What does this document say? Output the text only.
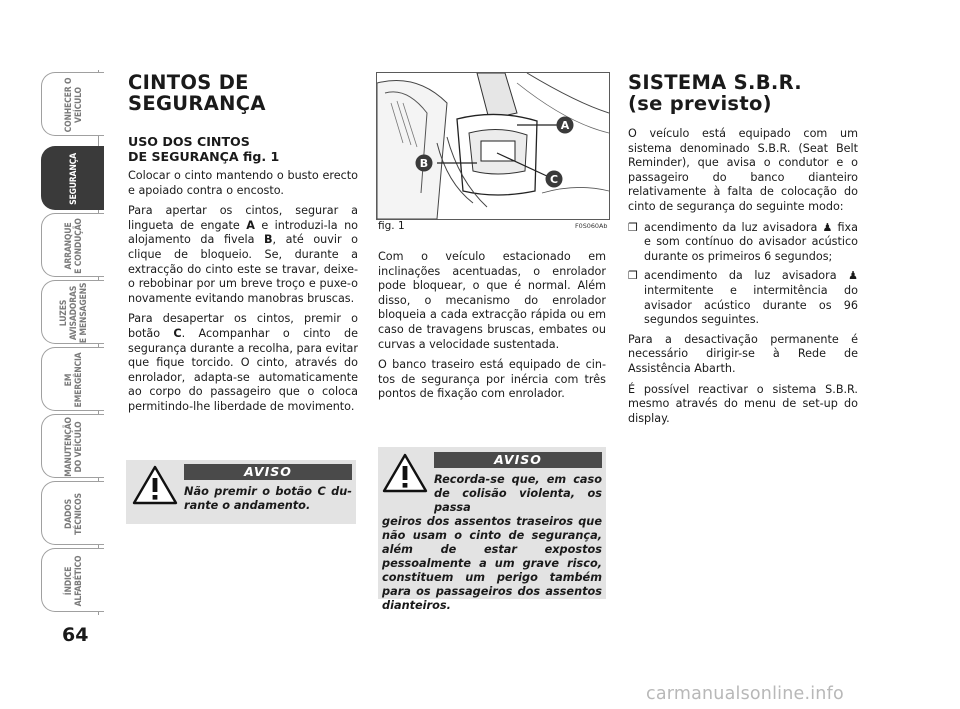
CONHECER O
VEÍCULO
SEGURANÇA
ARRANQUE
E CONDUÇÃO
LUZES
AVISADORAS
E MENSAGENS
EM
EMERGÊNCIA
MANUTENÇÃO
DO VEÍCULO
DADOS
TÉCNICOS
ÍNDICE
ALFABÉTICO
64
CINTOS DE
SEGURANÇA
USO DOS CINTOS
DE SEGURANÇA fig. 1

Colocar o cinto mantendo o busto erecto e apoiado contra o encosto.

Para apertar os cintos, segurar a lingueta de engate A e introduzi-la no alojamento da fivela B, até ouvir o clique de bloqueio. Se, durante a extracção do cinto este se travar, deixe-o rebobinar por um breve troço e puxe-o novamente evitando manobras bruscas.

Para desapertar os cintos, premir o botão C. Acompanhar o cinto de segurança durante a recolha, para evitar que fique torcido. O cinto, através do enrolador, adapta-se automaticamente ao corpo do passageiro que o coloca permitindo-lhe liberdade de movimento.

A
B
C
fig. 1	F0S060Ab

Com o veículo estacionado em inclinações acentuadas, o enrolador pode bloquear, o que é normal. Além disso, o mecanismo do enrolador bloqueia a cada extracção rápida ou em caso de travagens bruscas, embates ou curvas a velocidade sustentada.

O banco traseiro está equipado de cintos de segurança por inércia com três pontos de fixação com enrolador.

SISTEMA S.B.R.
(se previsto)

O veículo está equipado com um sistema denominado S.B.R. (Seat Belt Reminder), que avisa o condutor e o passageiro do banco dianteiro relativamente à falta de colocação do cinto de segurança do seguinte modo:

❒ acendimento da luz avisadora ♟ fixa e som contínuo do avisador acústico durante os primeiros 6 segundos;
❒ acendimento da luz avisadora ♟ intermitente e intermitência do avisador acústico durante os 96 segundos seguintes.

Para a desactivação permanente é necessário dirigir-se à Rede de Assistência Abarth.

É possível reactivar o sistema S.B.R. mesmo através do menu de set-up do display.

AVISO
Não premir o botão C durante o andamento.
AVISO
Recorda-se que, em caso de colisão violenta, os passa
geiros dos assentos traseiros que não usam o cinto de segurança, além de estar expostos pessoalmente a um grave risco, constituem um perigo também para os passageiros dos assentos dianteiros.
carmanualsonline.info
